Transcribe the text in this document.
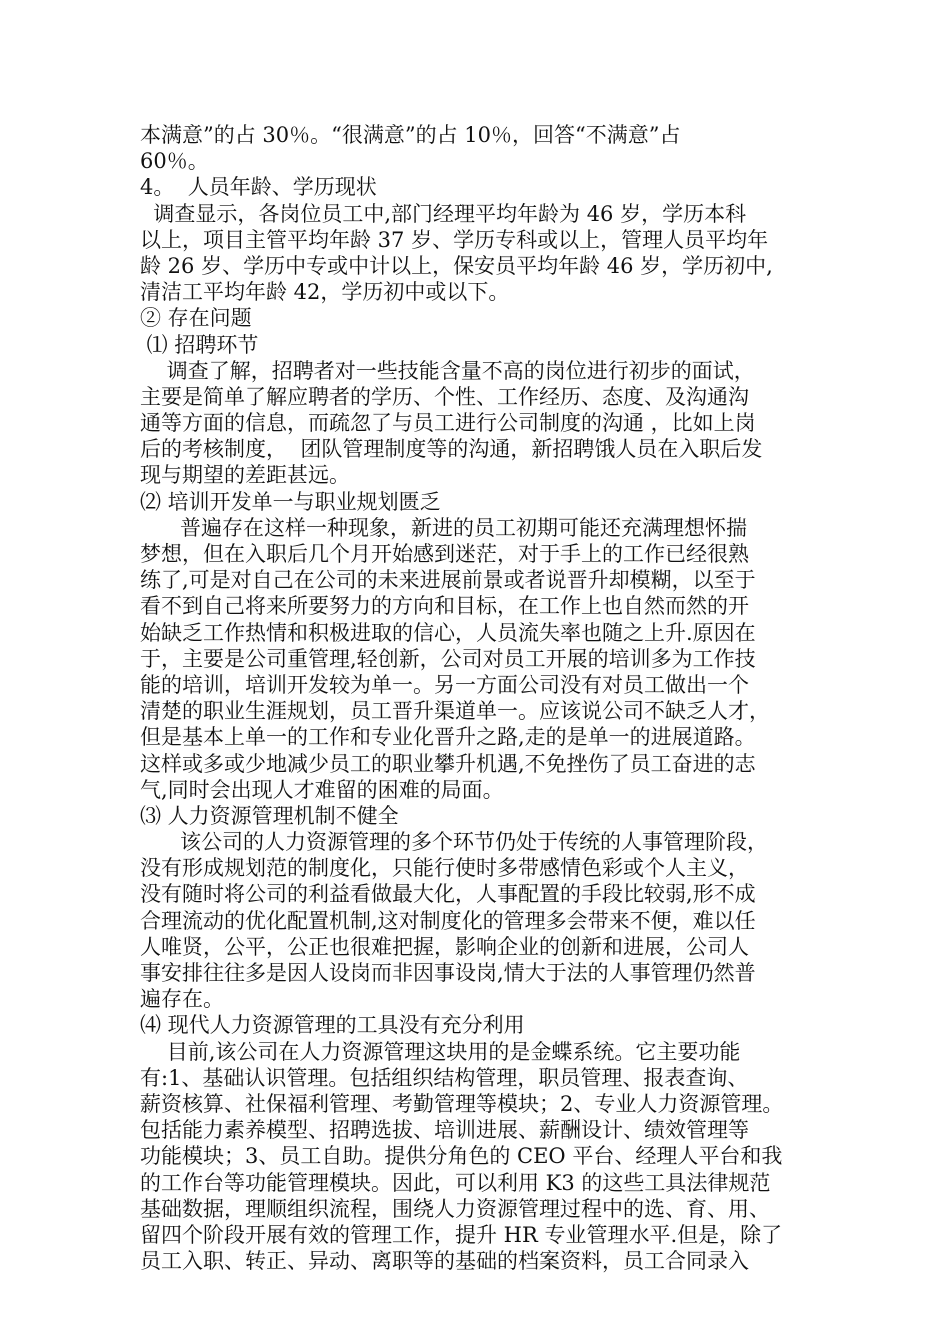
本满意”的占 30％。“很满意”的占 10％，回答“不满意”占
60％。
4。  人员年龄、学历现状
调查显示，各岗位员工中,部门经理平均年龄为 46 岁，学历本科
以上，项目主管平均年龄 37 岁、学历专科或以上，管理人员平均年
龄 26 岁、学历中专或中计以上，保安员平均年龄 46 岁，学历初中,
清洁工平均年龄 42，学历初中或以下。
② 存在问题
⑴ 招聘环节
调查了解，招聘者对一些技能含量不高的岗位进行初步的面试，
主要是简单了解应聘者的学历、个性、工作经历、态度、及沟通沟
通等方面的信息，而疏忽了与员工进行公司制度的沟通 ，比如上岗
后的考核制度，  团队管理制度等的沟通，新招聘饿人员在入职后发
现与期望的差距甚远。
⑵ 培训开发单一与职业规划匮乏
普遍存在这样一种现象，新进的员工初期可能还充满理想怀揣
梦想，但在入职后几个月开始感到迷茫，对于手上的工作已经很熟
练了,可是对自己在公司的未来进展前景或者说晋升却模糊，以至于
看不到自己将来所要努力的方向和目标，在工作上也自然而然的开
始缺乏工作热情和积极进取的信心，人员流失率也随之上升.原因在
于，主要是公司重管理,轻创新，公司对员工开展的培训多为工作技
能的培训，培训开发较为单一。另一方面公司没有对员工做出一个
清楚的职业生涯规划，员工晋升渠道单一。应该说公司不缺乏人才，
但是基本上单一的工作和专业化晋升之路,走的是单一的进展道路。
这样或多或少地减少员工的职业攀升机遇,不免挫伤了员工奋进的志
气,同时会出现人才难留的困难的局面。
⑶ 人力资源管理机制不健全
该公司的人力资源管理的多个环节仍处于传统的人事管理阶段，
没有形成规划范的制度化，只能行使时多带感情色彩或个人主义，
没有随时将公司的利益看做最大化，人事配置的手段比较弱,形不成
合理流动的优化配置机制,这对制度化的管理多会带来不便，难以任
人唯贤，公平，公正也很难把握，影响企业的创新和进展，公司人
事安排往往多是因人设岗而非因事设岗,情大于法的人事管理仍然普
遍存在。
⑷ 现代人力资源管理的工具没有充分利用
目前,该公司在人力资源管理这块用的是金蝶系统。它主要功能
有:1、基础认识管理。包括组织结构管理，职员管理、报表查询、
薪资核算、社保福利管理、考勤管理等模块；2、专业人力资源管理。
包括能力素养模型、招聘选拔、培训进展、薪酬设计、绩效管理等
功能模块；3、员工自助。提供分角色的 CEO 平台、经理人平台和我
的工作台等功能管理模块。因此，可以利用 K3 的这些工具法律规范
基础数据，理顺组织流程，围绕人力资源管理过程中的选、育、用、
留四个阶段开展有效的管理工作，提升 HR 专业管理水平.但是，除了
员工入职、转正、异动、离职等的基础的档案资料，员工合同录入
